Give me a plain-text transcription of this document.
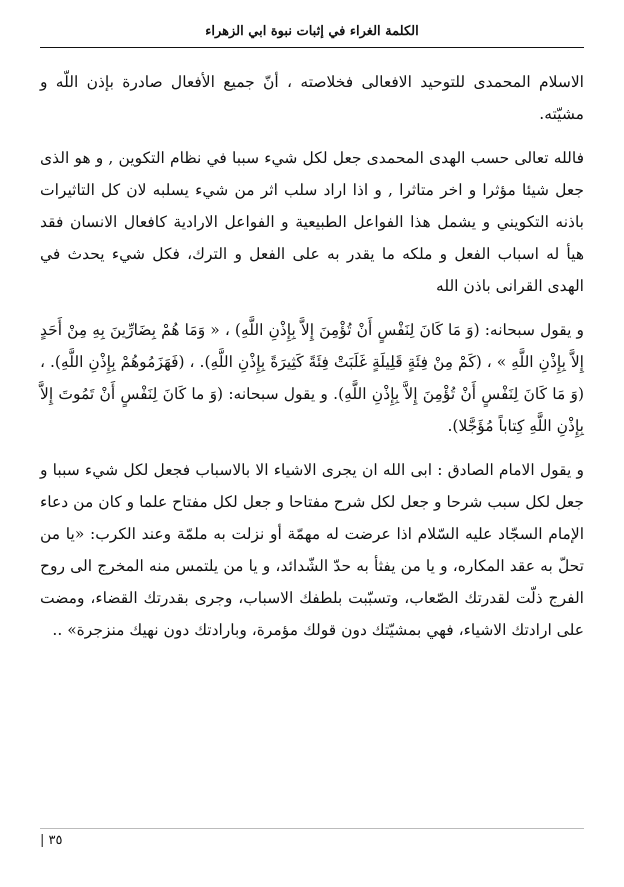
الكلمة الغراء في إثبات نبوة ابي الزهراء

الاسلام المحمدى للتوحيد الافعالى فخلاصته ، أنّ جميع الأفعال صادرة بإذن اللّه و مشيّته.

فالله تعالى حسب الهدى المحمدى جعل لكل شيء سببا في نظام التكوين , و هو الذى جعل شيئا مؤثرا و اخر متاثرا , و اذا اراد سلب اثر من شيء يسلبه لان كل التاثيرات باذنه التكويني و يشمل هذا الفواعل الطبيعية و الفواعل الارادية كافعال الانسان فقد هيأ له اسباب الفعل و ملكه ما يقدر به على الفعل و الترك، فكل شيء يحدث في الهدى القرانى باذن الله

و يقول سبحانه: (وَ مَا كَانَ لِنَفْسٍ أَنْ تُؤْمِنَ إِلاَّ بِإِذْنِ اللَّهِ) ، « وَمَا هُمْ بِضَارِّينَ بِهِ مِنْ أَحَدٍ إِلاَّ بِإِذْنِ اللَّهِ » ، (كَمْ مِنْ فِئَةٍ قَلِيلَةٍ غَلَبَتْ فِئَةً كَثِيرَةً بِإِذْنِ اللَّهِ). ، (فَهَزَمُوهُمْ بِإِذْنِ اللَّهِ). ، (وَ مَا كَانَ لِنَفْسٍ أَنْ تُؤْمِنَ إِلاَّ بِإِذْنِ اللَّهِ). و يقول سبحانه: (وَ ما كَانَ لِنَفْسٍ أَنْ تَمُوتَ إِلاَّ بِإِذْنِ اللَّهِ كِتاباً مُؤَجَّلا).

و يقول الامام الصادق : ابى الله ان يجرى الاشياء الا بالاسباب فجعل لكل شيء سببا و جعل لكل سبب شرحا و جعل لكل شرح مفتاحا و جعل لكل مفتاح علما و كان من دعاء الإمام السجّاد عليه السّلام اذا عرضت له مهمّة أو نزلت به ملمّة وعند الكرب: «يا من تحلّ به عقد المكاره، و يا من يفثأ به حدّ الشّدائد، و يا من يلتمس منه المخرج الى روح الفرج ذلّت لقدرتك الصّعاب، وتسبّبت بلطفك الاسباب، وجرى بقدرتك القضاء، ومضت على ارادتك الاشياء، فهي بمشيّتك دون قولك مؤمرة، وبارادتك دون نهيك منزجرة» ..

٣٥ |
